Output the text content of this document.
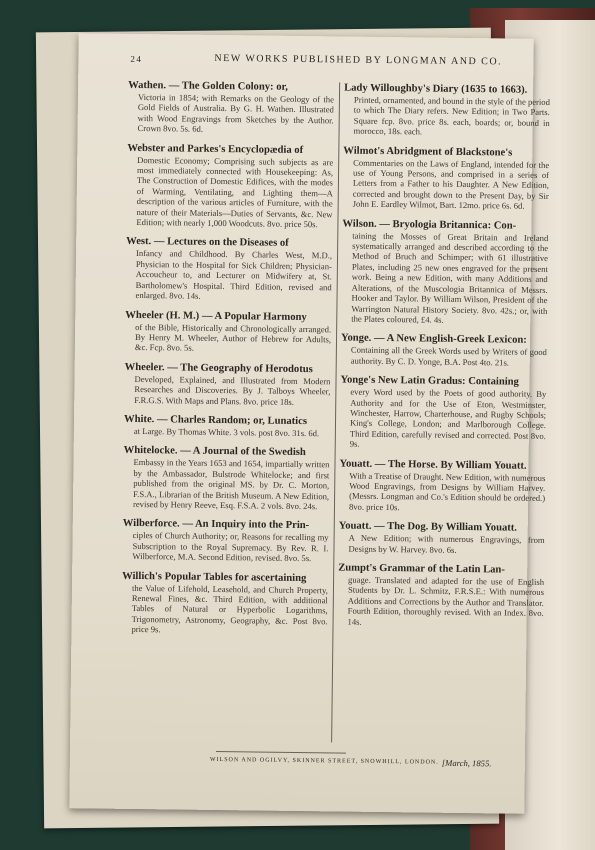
24	NEW WORKS PUBLISHED BY LONGMAN AND CO.
Wathen. — The Golden Colony: or,
Victoria in 1854; with Remarks on the Geology of the Gold Fields of Australia. By G. H. Wathen. Illustrated with Wood Engravings from Sketches by the Author. Crown 8vo. 5s. 6d.
Webster and Parkes's Encyclopædia of
Domestic Economy; Comprising such subjects as are most immediately connected with Housekeeping: As, The Construction of Domestic Edifices, with the modes of Warming, Ventilating, and Lighting them—A description of the various articles of Furniture, with the nature of their Materials—Duties of Servants, &c. New Edition; with nearly 1,000 Woodcuts. 8vo. price 50s.
West. — Lectures on the Diseases of
Infancy and Childhood. By Charles West, M.D., Physician to the Hospital for Sick Children; Physician-Accoucheur to, and Lecturer on Midwifery at, St. Bartholomew's Hospital. Third Edition, revised and enlarged. 8vo. 14s.
Wheeler (H. M.) — A Popular Harmony
of the Bible, Historically and Chronologically arranged. By Henry M. Wheeler, Author of Hebrew for Adults, &c. Fcp. 8vo. 5s.
Wheeler. — The Geography of Herodotus
Developed, Explained, and Illustrated from Modern Researches and Discoveries. By J. Talboys Wheeler, F.R.G.S. With Maps and Plans. 8vo. price 18s.
White. — Charles Random; or, Lunatics
at Large. By Thomas White. 3 vols. post 8vo. 31s. 6d.
Whitelocke. — A Journal of the Swedish
Embassy in the Years 1653 and 1654, impartially written by the Ambassador, Bulstrode Whitelocke; and first published from the original MS. by Dr. C. Morton, F.S.A., Librarian of the British Museum. A New Edition, revised by Henry Reeve, Esq. F.S.A. 2 vols. 8vo. 24s.
Wilberforce. — An Inquiry into the Prin-
ciples of Church Authority; or, Reasons for recalling my Subscription to the Royal Supremacy. By Rev. R. I. Wilberforce, M.A. Second Edition, revised. 8vo. 5s.
Willich's Popular Tables for ascertaining
the Value of Lifehold, Leasehold, and Church Property, Renewal Fines, &c. Third Edition, with additional Tables of Natural or Hyperbolic Logarithms, Trigonometry, Astronomy, Geography, &c. Post 8vo. price 9s.
Lady Willoughby's Diary (1635 to 1663).
Printed, ornamented, and bound in the style of the period to which The Diary refers. New Edition; in Two Parts. Square fcp. 8vo. price 8s. each, boards; or, bound in morocco, 18s. each.
Wilmot's Abridgment of Blackstone's
Commentaries on the Laws of England, intended for the use of Young Persons, and comprised in a series of Letters from a Father to his Daughter. A New Edition, corrected and brought down to the Present Day, by Sir John E. Eardley Wilmot, Bart. 12mo. price 6s. 6d.
Wilson. — Bryologia Britannica: Con-
taining the Mosses of Great Britain and Ireland systematically arranged and described according to the Method of Bruch and Schimper; with 61 illustrative Plates, including 25 new ones engraved for the present work. Being a new Edition, with many Additions and Alterations, of the Muscologia Britannica of Messrs. Hooker and Taylor. By William Wilson, President of the Warrington Natural History Society. 8vo. 42s.; or, with the Plates coloured, £4. 4s.
Yonge. — A New English-Greek Lexicon:
Containing all the Greek Words used by Writers of good authority. By C. D. Yonge, B.A. Post 4to. 21s.
Yonge's New Latin Gradus: Containing
every Word used by the Poets of good authority. By Authority and for the Use of Eton, Westminster, Winchester, Harrow, Charterhouse, and Rugby Schools; King's College, London; and Marlborough College. Third Edition, carefully revised and corrected. Post 8vo. 9s.
Youatt. — The Horse. By William Youatt.
With a Treatise of Draught. New Edition, with numerous Wood Engravings, from Designs by William Harvey. (Messrs. Longman and Co.'s Edition should be ordered.) 8vo. price 10s.
Youatt. — The Dog. By William Youatt.
A New Edition; with numerous Engravings, from Designs by W. Harvey. 8vo. 6s.
Zumpt's Grammar of the Latin Lan-
guage. Translated and adapted for the use of English Students by Dr. L. Schmitz, F.R.S.E.: With numerous Additions and Corrections by the Author and Translator. Fourth Edition, thoroughly revised. With an Index. 8vo. 14s.
WILSON AND OGILVY, SKINNER STREET, SNOWHILL, LONDON. [March, 1855.
